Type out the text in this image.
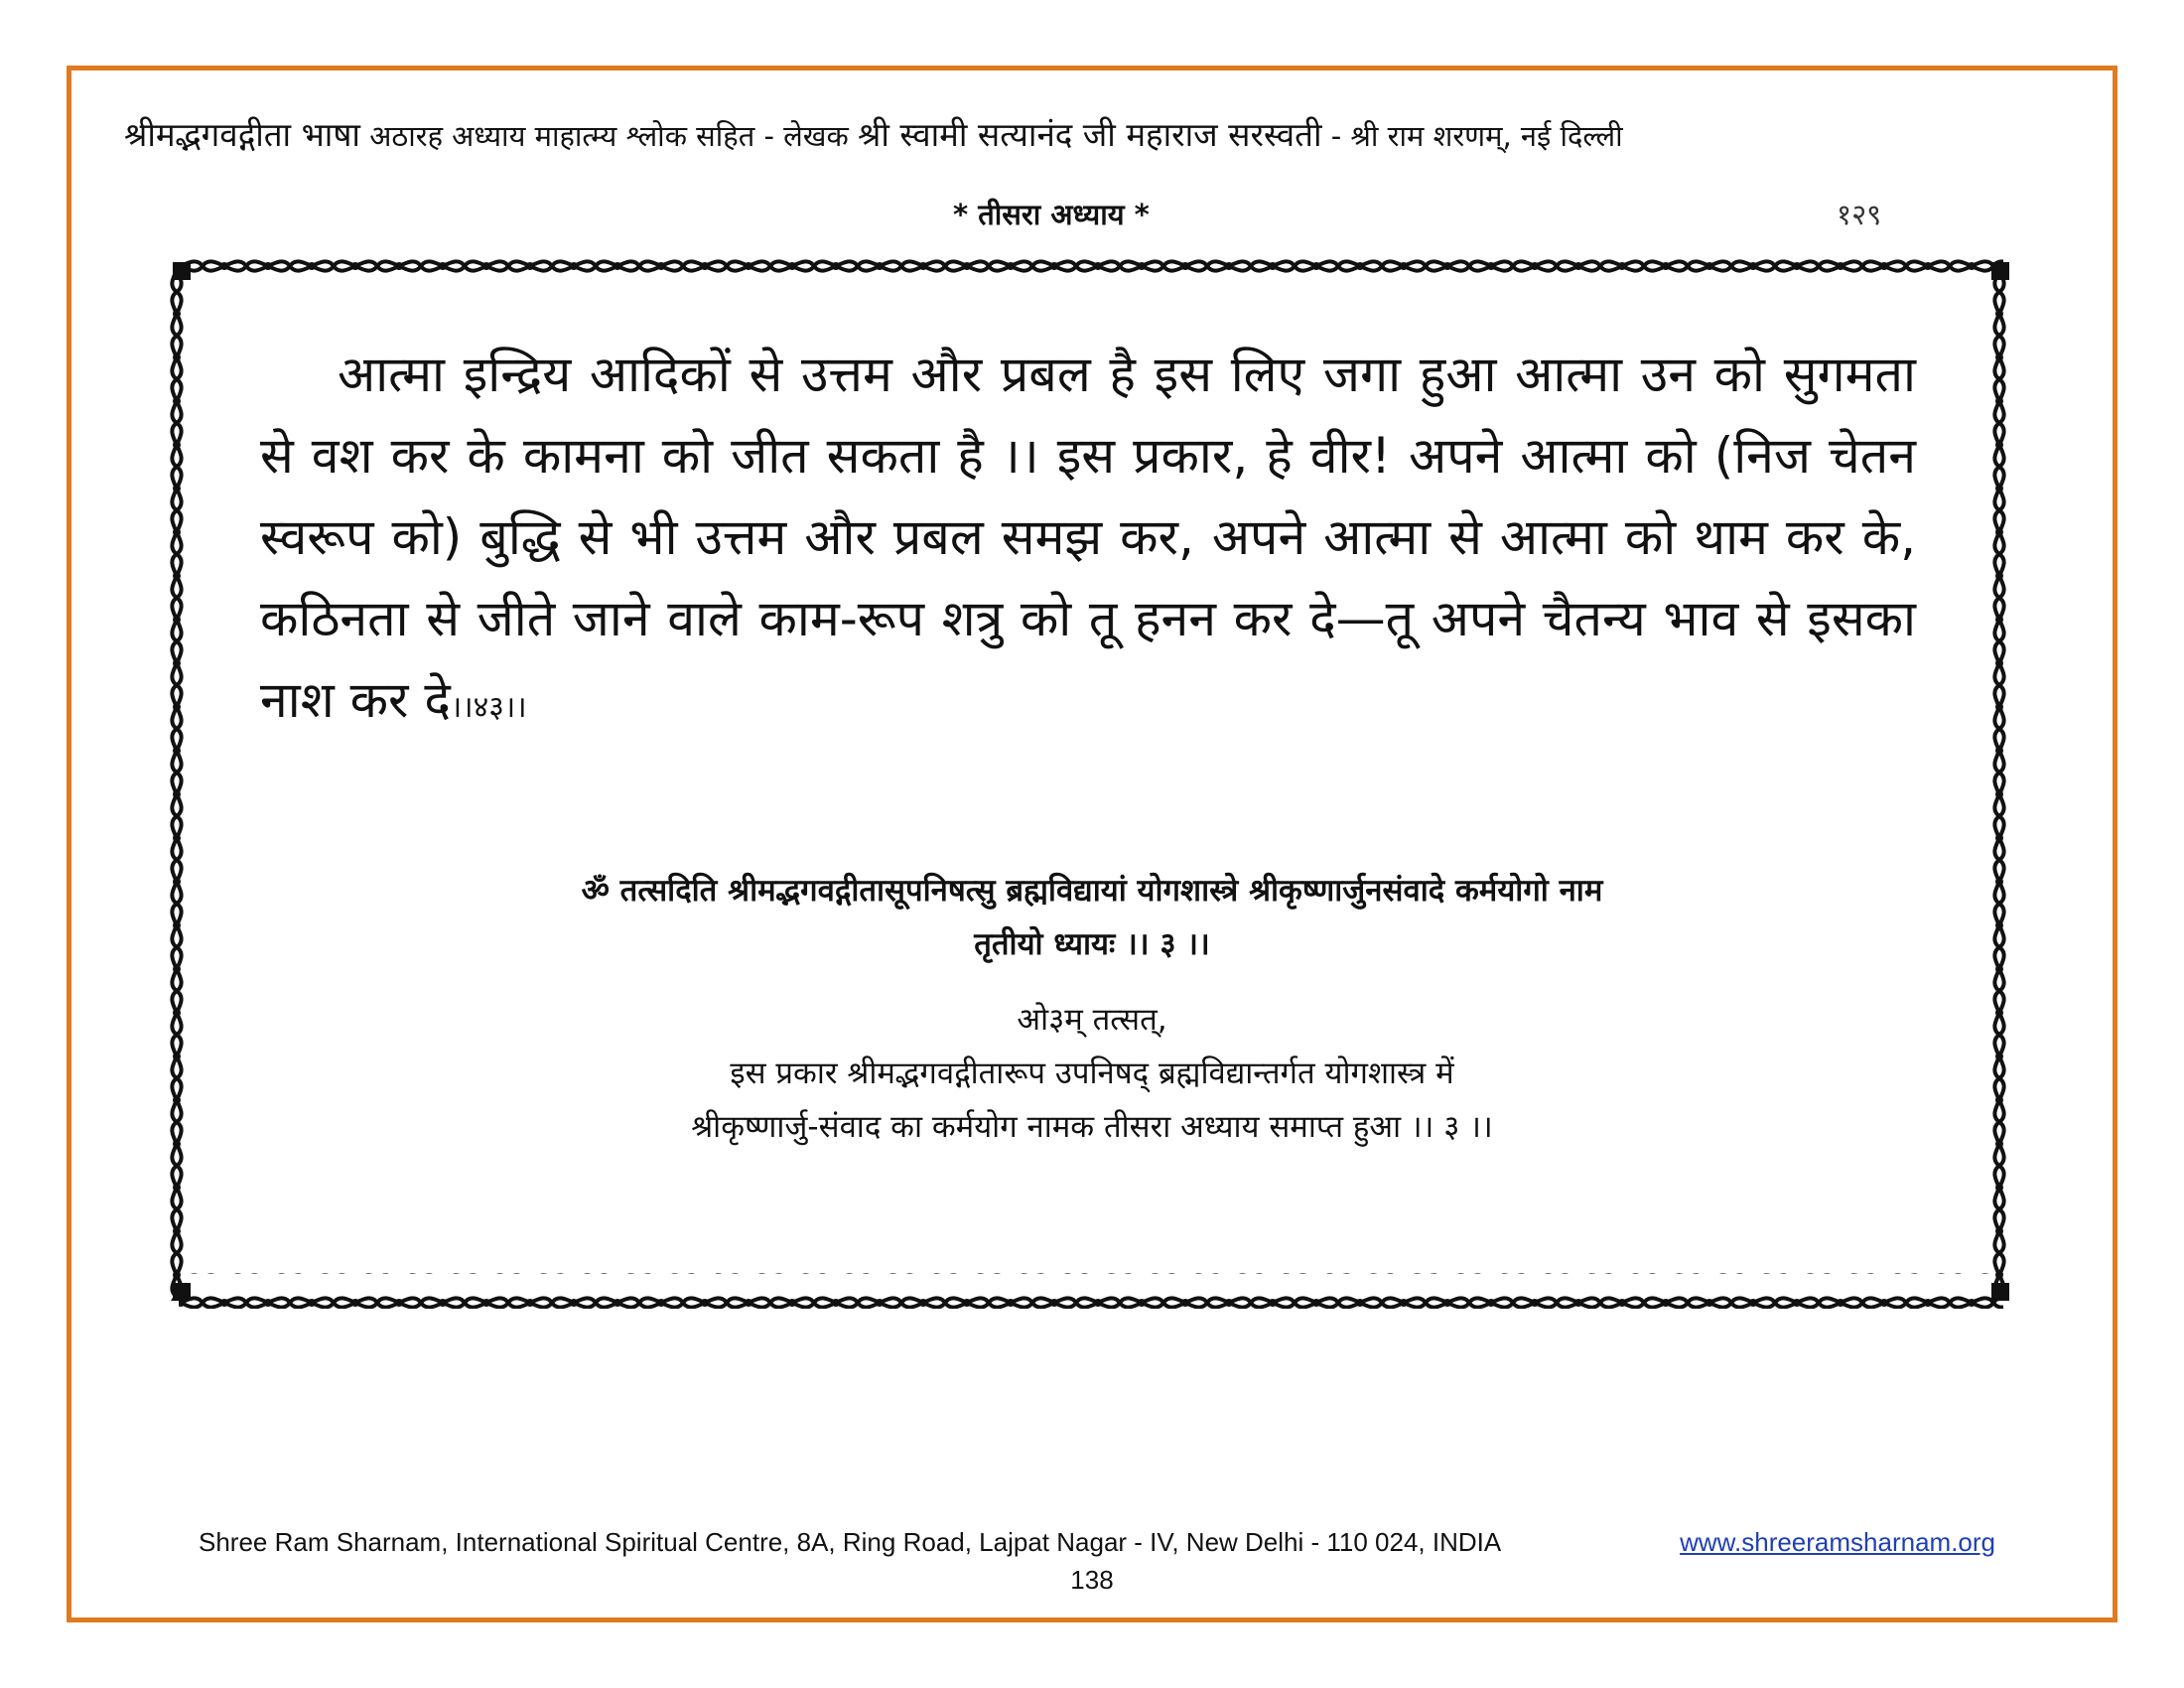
श्रीमद्भगवद्गीता भाषा अठारह अध्याय माहात्म्य श्लोक सहित - लेखक श्री स्वामी सत्यानंद जी महाराज सरस्वती - श्री राम शरणम्, नई दिल्ली
* तीसरा अध्याय *	१२९
आत्मा इन्द्रिय आदिकों से उत्तम और प्रबल है इस लिए जगा हुआ आत्मा उन को सुगमता से वश कर के कामना को जीत सकता है ।। इस प्रकार, हे वीर! अपने आत्मा को (निज चेतन स्वरूप को) बुद्धि से भी उत्तम और प्रबल समझ कर, अपने आत्मा से आत्मा को थाम कर के, कठिनता से जीते जाने वाले काम-रूप शत्रु को तू हनन कर दे—तू अपने चैतन्य भाव से इसका नाश कर दे।।४३।।
ॐ तत्सदिति श्रीमद्भगवद्गीतासूपनिषत्सु ब्रह्मविद्यायां योगशास्त्रे श्रीकृष्णार्जुनसंवादे कर्मयोगो नाम
तृतीयो ध्यायः ।। ३ ।।
ओ३म् तत्सत्,
इस प्रकार श्रीमद्भगवद्गीतारूप उपनिषद् ब्रह्मविद्यान्तर्गत योगशास्त्र में
श्रीकृष्णार्जु-संवाद का कर्मयोग नामक तीसरा अध्याय समाप्त हुआ ।। ३ ।।
Shree Ram Sharnam, International Spiritual Centre, 8A, Ring Road, Lajpat Nagar - IV, New Delhi - 110 024, INDIA	www.shreeramsharnam.org
138
